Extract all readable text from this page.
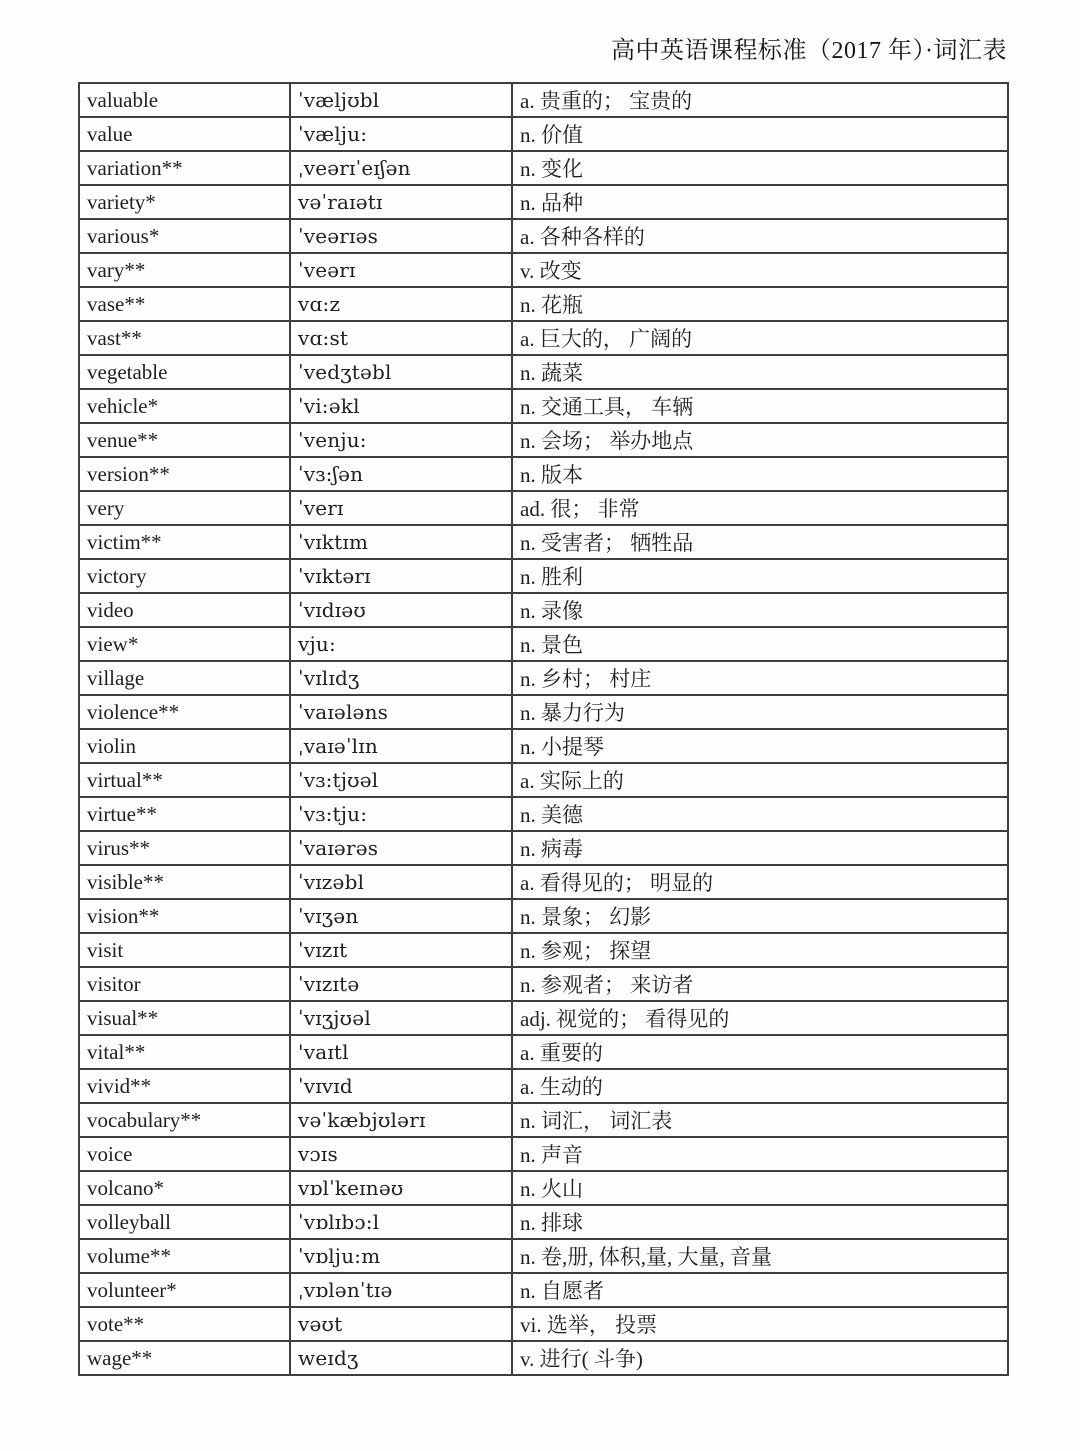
高中英语课程标准（2017 年）·词汇表
valuable	ˈvæljʊbl	a. 贵重的； 宝贵的
value	ˈvælju:	n. 价值
variation**	ˌveərɪˈeɪʃən	n. 变化
variety*	vəˈraɪətɪ	n. 品种
various*	ˈveərɪəs	a. 各种各样的
vary**	ˈveərɪ	v. 改变
vase**	vɑ:z	n. 花瓶
vast**	vɑ:st	a. 巨大的， 广阔的
vegetable	ˈvedʒtəbl	n. 蔬菜
vehicle*	ˈvi:əkl	n. 交通工具， 车辆
venue**	ˈvenju:	n. 会场； 举办地点
version**	ˈvɜ:ʃən	n. 版本
very	ˈverɪ	ad. 很； 非常
victim**	ˈvɪktɪm	n. 受害者； 牺牲品
victory	ˈvɪktərɪ	n. 胜利
video	ˈvɪdɪəʊ	n. 录像
view*	vju:	n. 景色
village	ˈvɪlɪdʒ	n. 乡村； 村庄
violence**	ˈvaɪələns	n. 暴力行为
violin	ˌvaɪəˈlɪn	n. 小提琴
virtual**	ˈvɜ:tjʊəl	a. 实际上的
virtue**	ˈvɜ:tju:	n. 美德
virus**	ˈvaɪərəs	n. 病毒
visible**	ˈvɪzəbl	a. 看得见的； 明显的
vision**	ˈvɪʒən	n. 景象； 幻影
visit	ˈvɪzɪt	n. 参观； 探望
visitor	ˈvɪzɪtə	n. 参观者； 来访者
visual**	ˈvɪʒjʊəl	adj. 视觉的； 看得见的
vital**	'vaɪtl	a. 重要的
vivid**	ˈvɪvɪd	a. 生动的
vocabulary**	vəˈkæbjʊlərɪ	n. 词汇， 词汇表
voice	vɔɪs	n. 声音
volcano*	vɒlˈkeɪnəʊ	n. 火山
volleyball	ˈvɒlɪbɔ:l	n. 排球
volume**	ˈvɒlju:m	n. 卷,册, 体积,量, 大量, 音量
volunteer*	ˌvɒlənˈtɪə	n. 自愿者
vote**	vəʊt	vi. 选举， 投票
wage**	weɪdʒ	v. 进行( 斗争)
